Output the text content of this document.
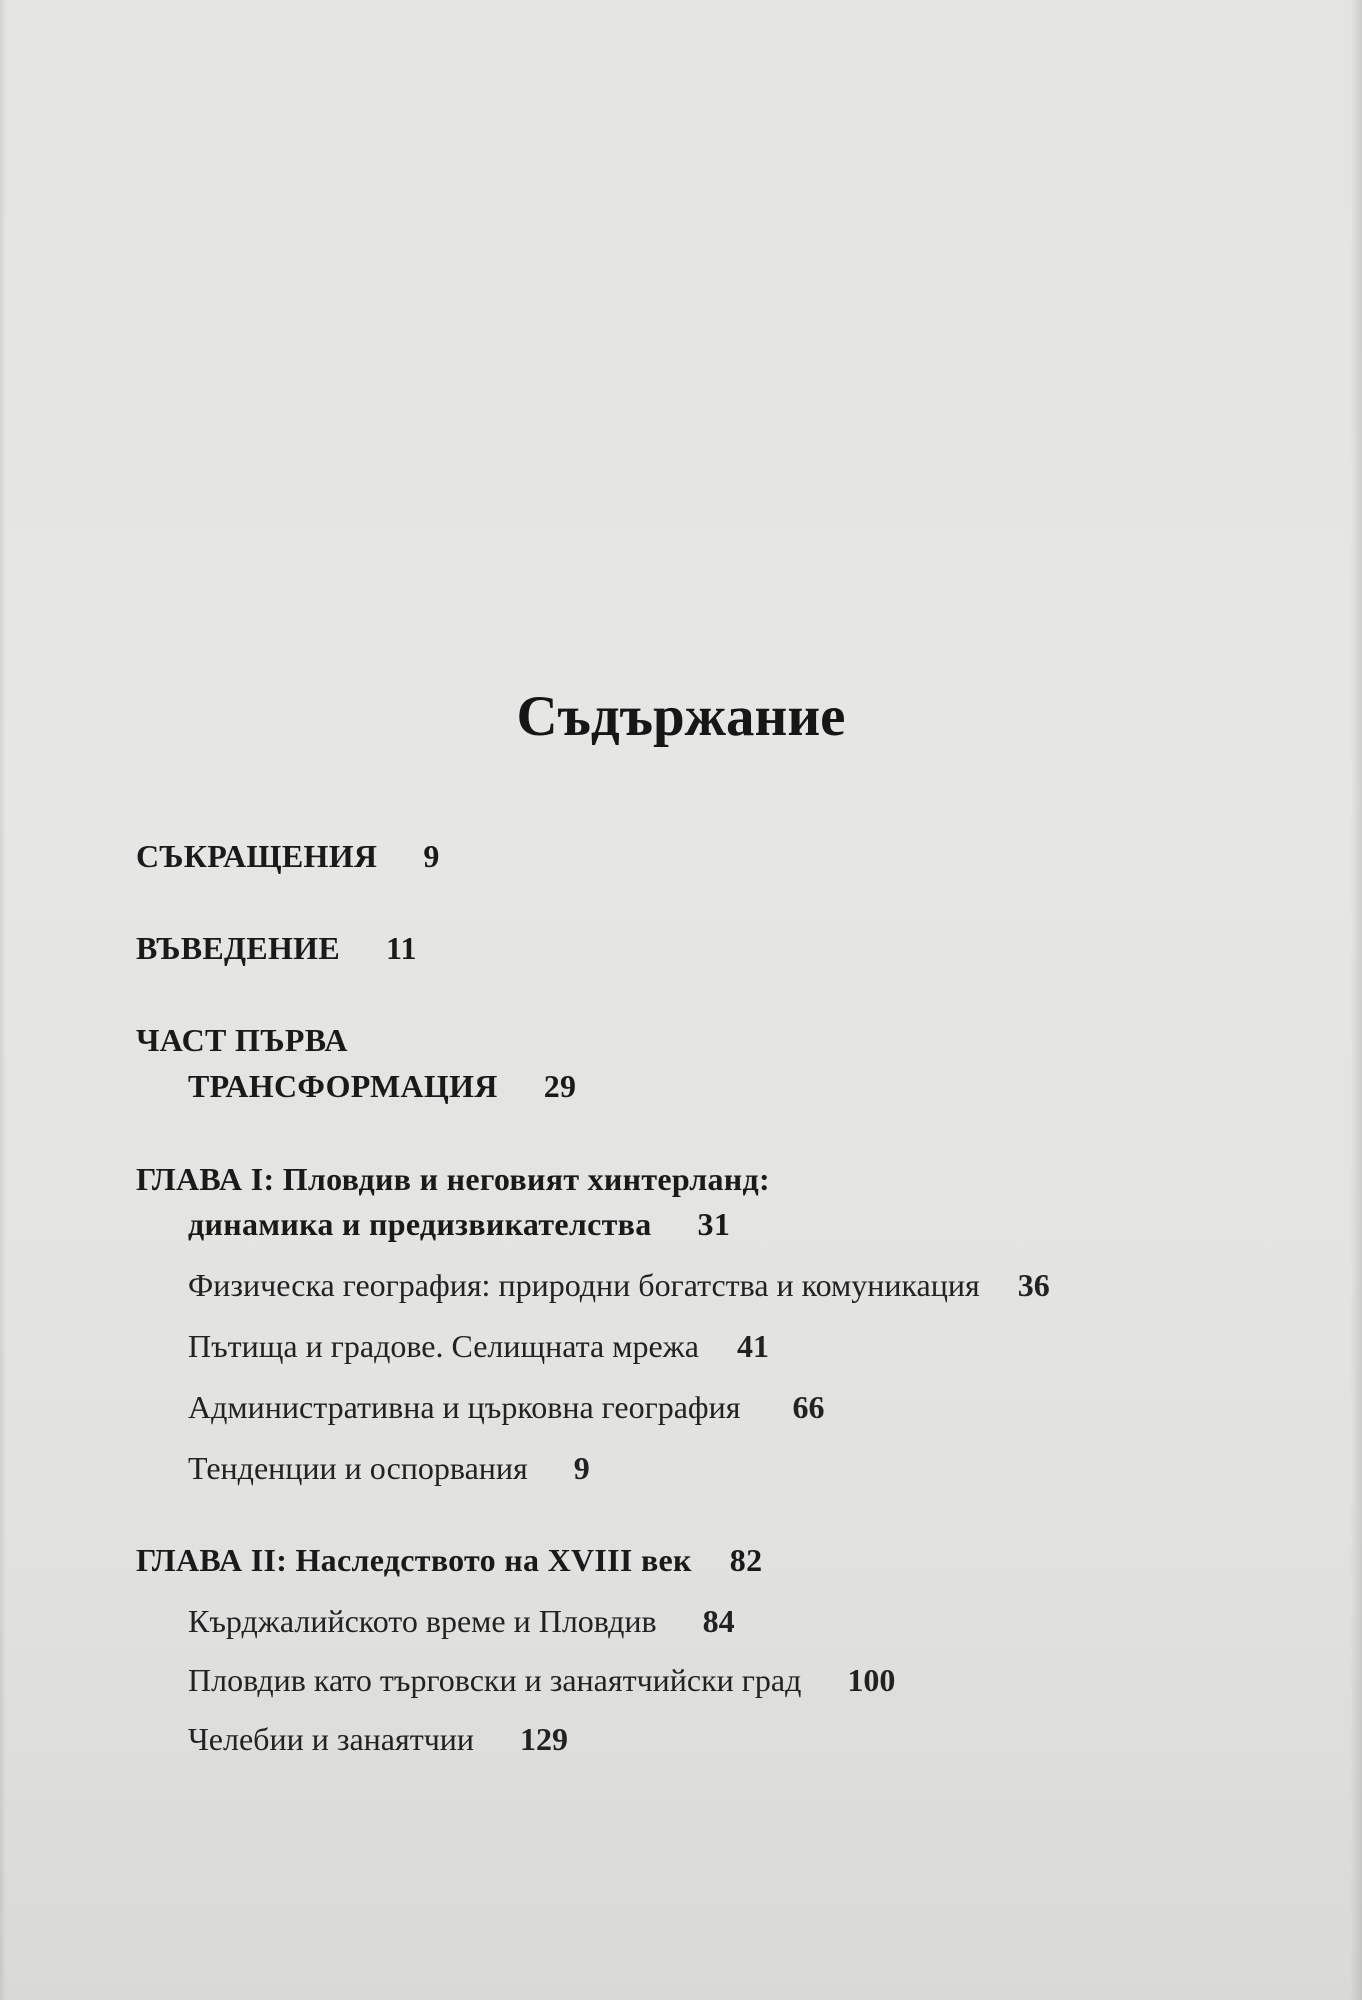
Съдържание
СЪКРАЩЕНИЯ 9
ВЪВЕДЕНИЕ 11
ЧАСТ ПЪРВА
ТРАНСФОРМАЦИЯ 29
ГЛАВА I: Пловдив и неговият хинтерланд:
динамика и предизвикателства 31
Физическа география: природни богатства и комуникация 36
Пътища и градове. Селищната мрежа 41
Административна и църковна география 66
Тенденции и оспорвания 9
ГЛАВА II: Наследството на XVIII век 82
Кърджалийското време и Пловдив 84
Пловдив като търговски и занаятчийски град 100
Челебии и занаятчии 129
